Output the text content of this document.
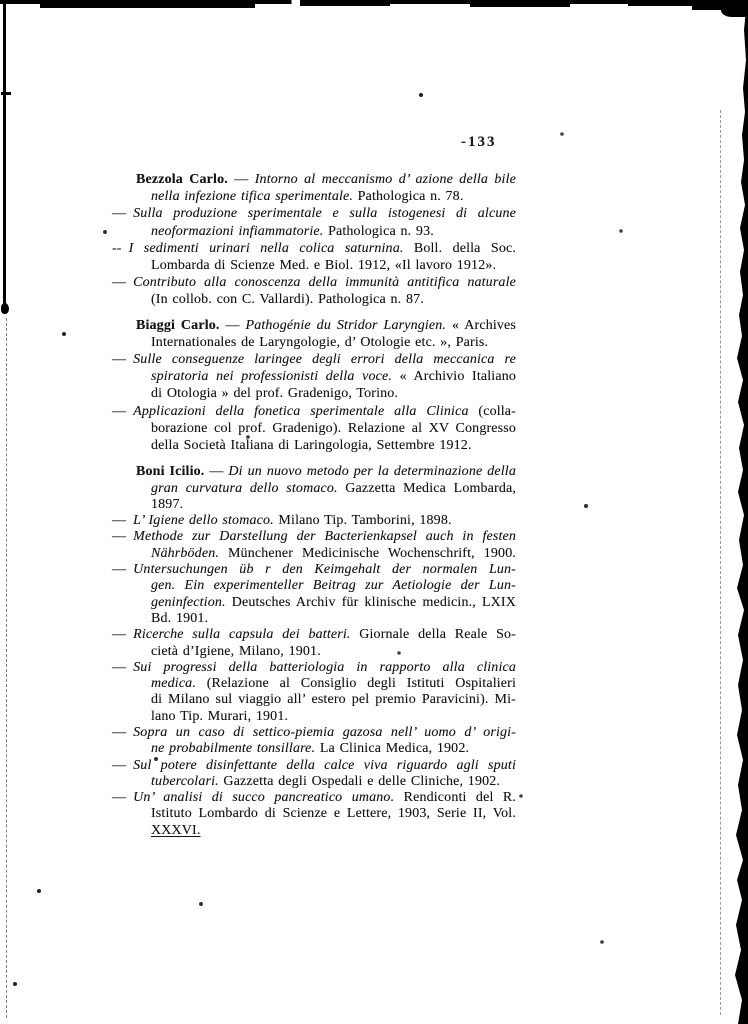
-133
Bezzola Carlo. — Intorno al meccanismo d’ azione della bile
nella infezione tifica sperimentale. Pathologica n. 78.
— Sulla produzione sperimentale e sulla istogenesi di alcune
neoformazioni infiammatorie. Pathologica n. 93.
-- I sedimenti urinari nella colica saturnina. Boll. della Soc.
Lombarda di Scienze Med. e Biol. 1912, «Il lavoro 1912».
— Contributo alla conoscenza della immunità antitifica naturale
(In collob. con C. Vallardi). Pathologica n. 87.
Biaggi Carlo. — Pathogénie du Stridor Laryngien. « Archives
Internationales de Laryngologie, d’ Otologie etc. », Paris.
— Sulle conseguenze laringee degli errori della meccanica re
spiratoria nei professionisti della voce. « Archivio Italiano
di Otologia » del prof. Gradenigo, Torino.
— Applicazioni della fonetica sperimentale alla Clinica (colla-
borazione col prof. Gradenigo). Relazione al XV Congresso
della Società Italiana di Laringologia, Settembre 1912.
Boni Icilio. — Di un nuovo metodo per la determinazione della
gran curvatura dello stomaco. Gazzetta Medica Lombarda,
1897.
— L’ Igiene dello stomaco. Milano Tip. Tamborini, 1898.
— Methode zur Darstellung der Bacterienkapsel auch in festen
Nährböden. Münchener Medicinische Wochenschrift, 1900.
— Untersuchungen üb r den Keimgehalt der normalen Lun-
gen. Ein experimenteller Beitrag zur Aetiologie der Lun-
geninfection. Deutsches Archiv für klinische medicin., LXIX
Bd. 1901.
— Ricerche sulla capsula dei batteri. Giornale della Reale So-
cietà d’Igiene, Milano, 1901.
— Sui progressi della batteriologia in rapporto alla clinica
medica. (Relazione al Consiglio degli Istituti Ospitalieri
di Milano sul viaggio all’ estero pel premio Paravicini). Mi-
lano Tip. Murari, 1901.
— Sopra un caso di settico-piemia gazosa nell’ uomo d’ origi-
ne probabilmente tonsillare. La Clinica Medica, 1902.
— Sul potere disinfettante della calce viva riguardo agli sputi
tubercolari. Gazzetta degli Ospedali e delle Cliniche, 1902.
— Un’ analisi di succo pancreatico umano. Rendiconti del R.
Istituto Lombardo di Scienze e Lettere, 1903, Serie II, Vol.
XXXVI.
